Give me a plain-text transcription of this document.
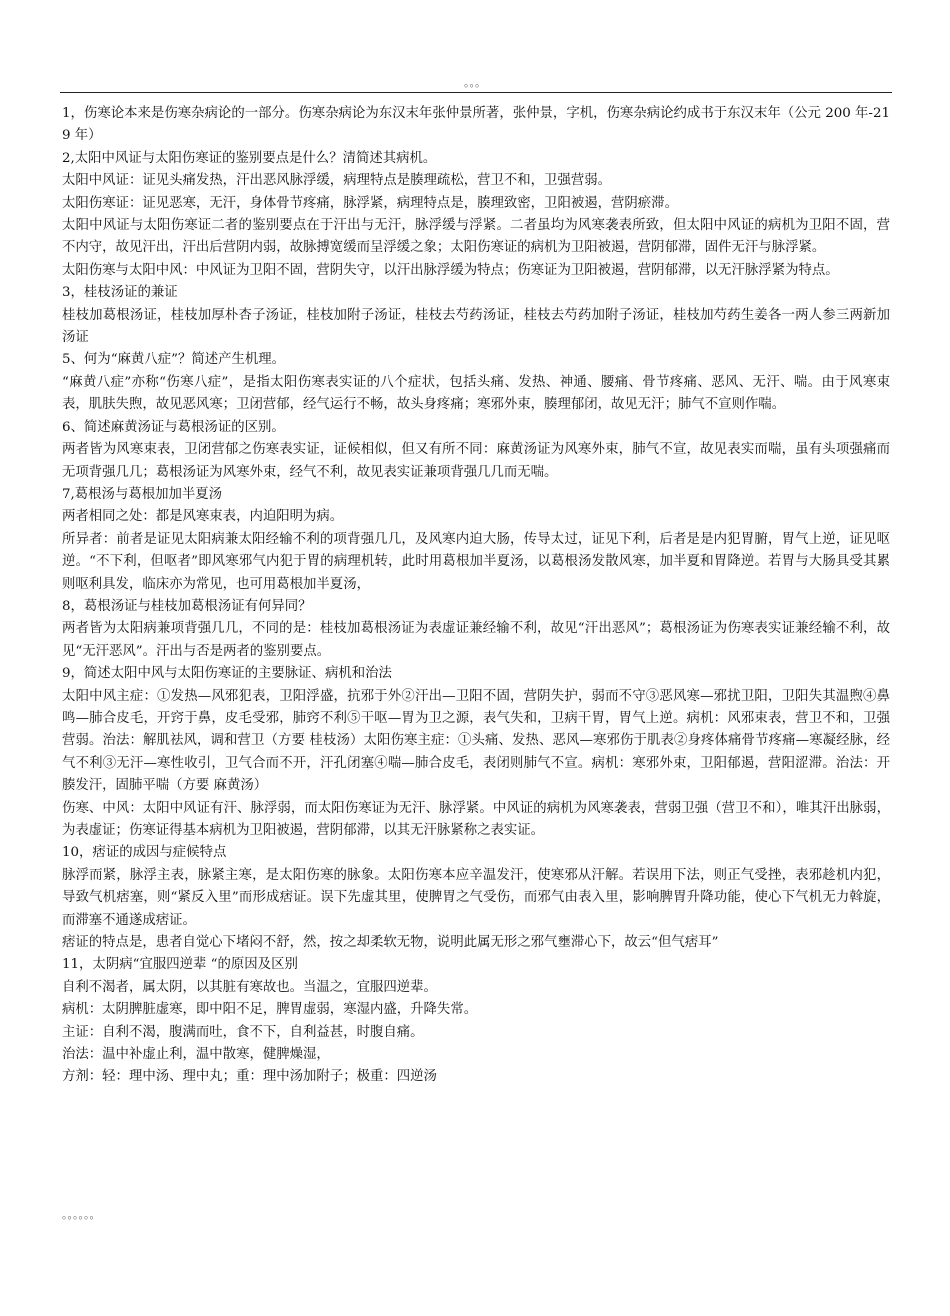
。。。

1，伤寒论本来是伤寒杂病论的一部分。伤寒杂病论为东汉末年张仲景所著，张仲景，字机，伤寒杂病论约成书于东汉末年（公元 200 年-219 年）

2,太阳中风证与太阳伤寒证的鉴别要点是什么？清简述其病机。

太阳中风证：证见头痛发热，汗出恶风脉浮缓，病理特点是腠理疏松，营卫不和，卫强营弱。

太阳伤寒证：证见恶寒，无汗，身体骨节疼痛，脉浮紧，病理特点是，腠理致密，卫阳被遏，营阴瘀滞。

太阳中风证与太阳伤寒证二者的鉴别要点在于汗出与无汗，脉浮缓与浮紧。二者虽均为风寒袭表所致，但太阳中风证的病机为卫阳不固，营不内守，故见汗出，汗出后营阴内弱，故脉搏宽缓而呈浮缓之象；太阳伤寒证的病机为卫阳被遏，营阴郁滞，固件无汗与脉浮紧。

太阳伤寒与太阳中风：中风证为卫阳不固，营阴失守，以汗出脉浮缓为特点；伤寒证为卫阳被遏，营阴郁滞，以无汗脉浮紧为特点。

3，桂枝汤证的兼证

桂枝加葛根汤证，桂枝加厚朴杏子汤证，桂枝加附子汤证，桂枝去芍药汤证，桂枝去芍药加附子汤证，桂枝加芍药生姜各一两人参三两新加汤证

5、何为“麻黄八症”？简述产生机理。

“麻黄八症”亦称“伤寒八症”，是指太阳伤寒表实证的八个症状，包括头痛、发热、神通、腰痛、骨节疼痛、恶风、无汗、喘。由于风寒束表，肌肤失煦，故见恶风寒；卫闭营郁，经气运行不畅，故头身疼痛；寒邪外束，腠理郁闭，故见无汗；肺气不宣则作喘。

6、简述麻黄汤证与葛根汤证的区别。

两者皆为风寒束表，卫闭营郁之伤寒表实证，证候相似，但又有所不同：麻黄汤证为风寒外束，肺气不宣，故见表实而喘，虽有头项强痛而无项背强几几；葛根汤证为风寒外束，经气不利，故见表实证兼项背强几几而无喘。

7,葛根汤与葛根加加半夏汤

两者相同之处：都是风寒束表，内迫阳明为病。

所异者：前者是证见太阳病兼太阳经输不利的项背强几几，及风寒内迫大肠，传导太过，证见下利，后者是是内犯胃腑，胃气上逆，证见呕逆。“不下利，但呕者”即风寒邪气内犯于胃的病理机转，此时用葛根加半夏汤，以葛根汤发散风寒，加半夏和胃降逆。若胃与大肠具受其累则呕利具发，临床亦为常见，也可用葛根加半夏汤，

8，葛根汤证与桂枝加葛根汤证有何异同？

两者皆为太阳病兼项背强几几，不同的是：桂枝加葛根汤证为表虚证兼经输不利，故见“汗出恶风”；葛根汤证为伤寒表实证兼经输不利，故见“无汗恶风”。汗出与否是两者的鉴别要点。

9，简述太阳中风与太阳伤寒证的主要脉证、病机和治法

太阳中风主症：①发热—风邪犯表，卫阳浮盛，抗邪于外②汗出—卫阳不固，营阴失护，弱而不守③恶风寒—邪扰卫阳，卫阳失其温煦④鼻鸣—肺合皮毛，开窍于鼻，皮毛受邪，肺窍不利⑤干呕—胃为卫之源，表气失和，卫病干胃，胃气上逆。病机：风邪束表，营卫不和，卫强营弱。治法：解肌祛风，调和营卫（方要 桂枝汤）太阳伤寒主症：①头痛、发热、恶风—寒邪伤于肌表②身疼体痛骨节疼痛—寒凝经脉，经气不利③无汗—寒性收引，卫气合而不开，汗孔闭塞④喘—肺合皮毛，表闭则肺气不宣。病机：寒邪外束，卫阳郁遏，营阳涩滞。治法：开腠发汗，固肺平喘（方要 麻黄汤）

伤寒、中风：太阳中风证有汗、脉浮弱，而太阳伤寒证为无汗、脉浮紧。中风证的病机为风寒袭表，营弱卫强（营卫不和），唯其汗出脉弱，为表虚证；伤寒证得基本病机为卫阳被遏，营阴郁滞，以其无汗脉紧称之表实证。

10，痞证的成因与症候特点

脉浮而紧，脉浮主表，脉紧主寒，是太阳伤寒的脉象。太阳伤寒本应辛温发汗，使寒邪从汗解。若误用下法，则正气受挫，表邪趁机内犯，导致气机痞塞，则“紧反入里”而形成痞证。误下先虚其里，使脾胃之气受伤，而邪气由表入里，影响脾胃升降功能，使心下气机无力斡旋，而滞塞不通遂成痞证。

痞证的特点是，患者自觉心下堵闷不舒，然，按之却柔软无物，说明此属无形之邪气壅滞心下，故云“但气痞耳”

11，太阴病“宜服四逆辈 “的原因及区别

自利不渴者，属太阴，以其脏有寒故也。当温之，宜服四逆辈。

病机：太阴脾脏虚寒，即中阳不足，脾胃虚弱，寒湿内盛，升降失常。

主证：自利不渴，腹满而吐，食不下，自利益甚，时腹自痛。

治法：温中补虚止利，温中散寒，健脾燥湿，

方剂：轻：理中汤、理中丸；重：理中汤加附子；极重：四逆汤

。。。。。。
